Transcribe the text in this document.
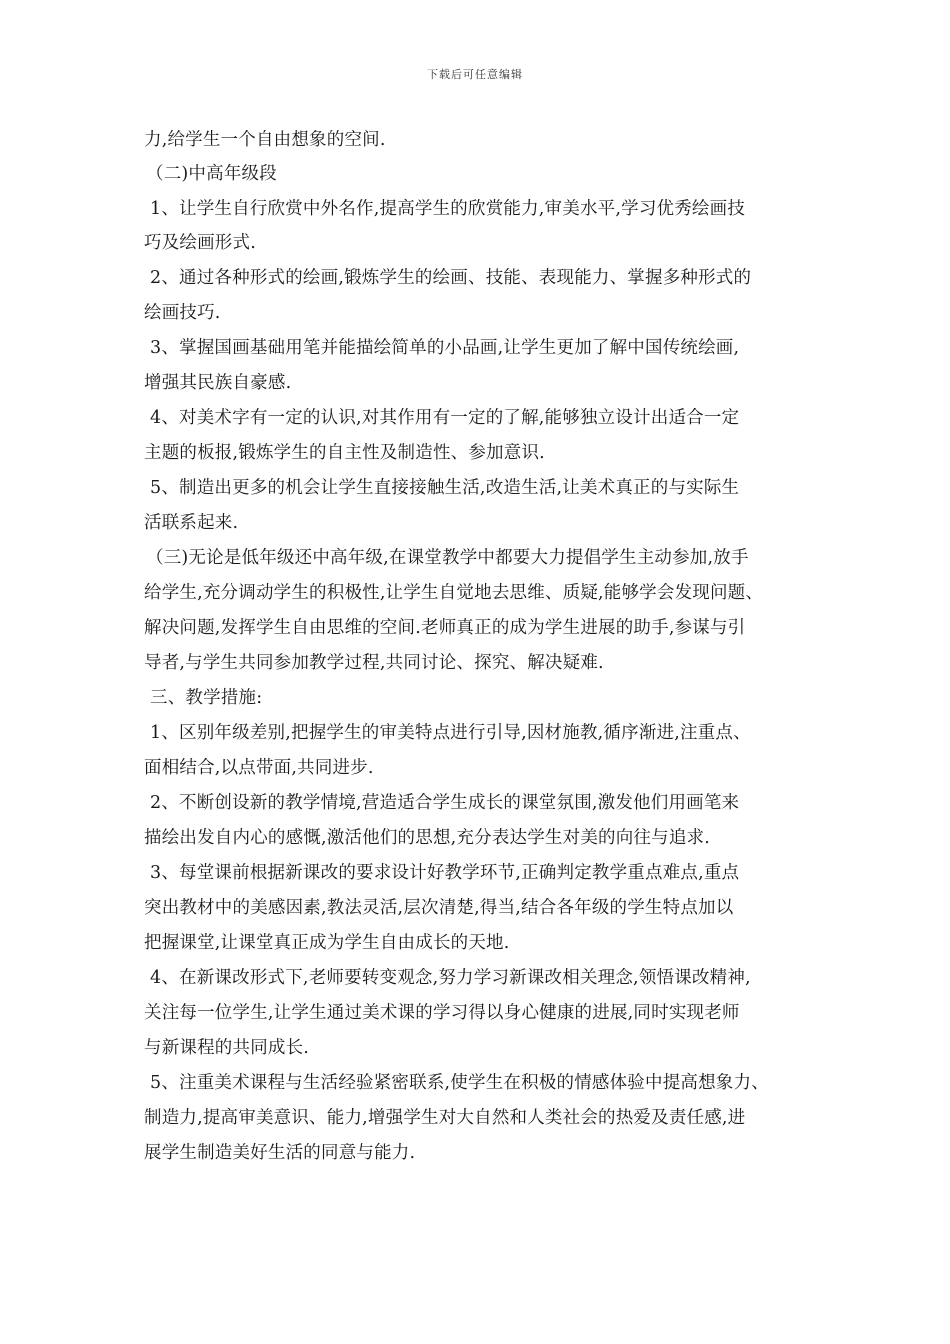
下载后可任意编辑
力,给学生一个自由想象的空间.
（二)中高年级段
1、让学生自行欣赏中外名作,提高学生的欣赏能力,审美水平,学习优秀绘画技
巧及绘画形式.
2、通过各种形式的绘画,锻炼学生的绘画、技能、表现能力、掌握多种形式的
绘画技巧.
3、掌握国画基础用笔并能描绘简单的小品画,让学生更加了解中国传统绘画,
增强其民族自豪感.
4、对美术字有一定的认识,对其作用有一定的了解,能够独立设计出适合一定
主题的板报,锻炼学生的自主性及制造性、参加意识.
5、制造出更多的机会让学生直接接触生活,改造生活,让美术真正的与实际生
活联系起来.
（三)无论是低年级还中高年级,在课堂教学中都要大力提倡学生主动参加,放手
给学生,充分调动学生的积极性,让学生自觉地去思维、质疑,能够学会发现问题、
解决问题,发挥学生自由思维的空间.老师真正的成为学生进展的助手,参谋与引
导者,与学生共同参加教学过程,共同讨论、探究、解决疑难.
三、教学措施:
1、区别年级差别,把握学生的审美特点进行引导,因材施教,循序渐进,注重点、
面相结合,以点带面,共同进步.
2、不断创设新的教学情境,营造适合学生成长的课堂氛围,激发他们用画笔来
描绘出发自内心的感慨,激活他们的思想,充分表达学生对美的向往与追求.
3、每堂课前根据新课改的要求设计好教学环节,正确判定教学重点难点,重点
突出教材中的美感因素,教法灵活,层次清楚,得当,结合各年级的学生特点加以
把握课堂,让课堂真正成为学生自由成长的天地.
4、在新课改形式下,老师要转变观念,努力学习新课改相关理念,领悟课改精神,
关注每一位学生,让学生通过美术课的学习得以身心健康的进展,同时实现老师
与新课程的共同成长.
5、注重美术课程与生活经验紧密联系,使学生在积极的情感体验中提高想象力、
制造力,提高审美意识、能力,增强学生对大自然和人类社会的热爱及责任感,进
展学生制造美好生活的同意与能力.
